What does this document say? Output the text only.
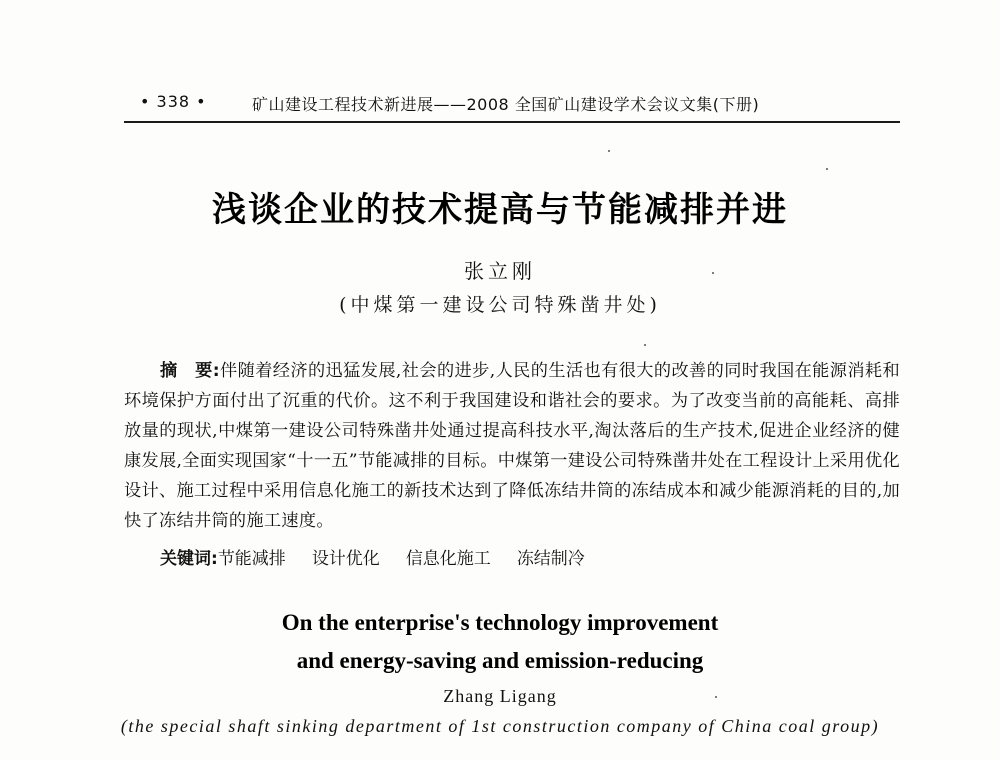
• 338 •	矿山建设工程技术新进展——2008 全国矿山建设学术会议文集(下册)
浅谈企业的技术提高与节能减排并进
张立刚
(中煤第一建设公司特殊凿井处)
摘　要:伴随着经济的迅猛发展,社会的进步,人民的生活也有很大的改善的同时我国在能源消耗和环境保护方面付出了沉重的代价。这不利于我国建设和谐社会的要求。为了改变当前的高能耗、高排放量的现状,中煤第一建设公司特殊凿井处通过提高科技水平,淘汰落后的生产技术,促进企业经济的健康发展,全面实现国家“十一五”节能减排的目标。中煤第一建设公司特殊凿井处在工程设计上采用优化设计、施工过程中采用信息化施工的新技术达到了降低冻结井筒的冻结成本和减少能源消耗的目的,加快了冻结井筒的施工速度。
关键词:节能减排 设计优化 信息化施工 冻结制冷
On the enterprise's technology improvement
and energy-saving and emission-reducing
Zhang Ligang
(the special shaft sinking department of 1st construction company of China coal group)
